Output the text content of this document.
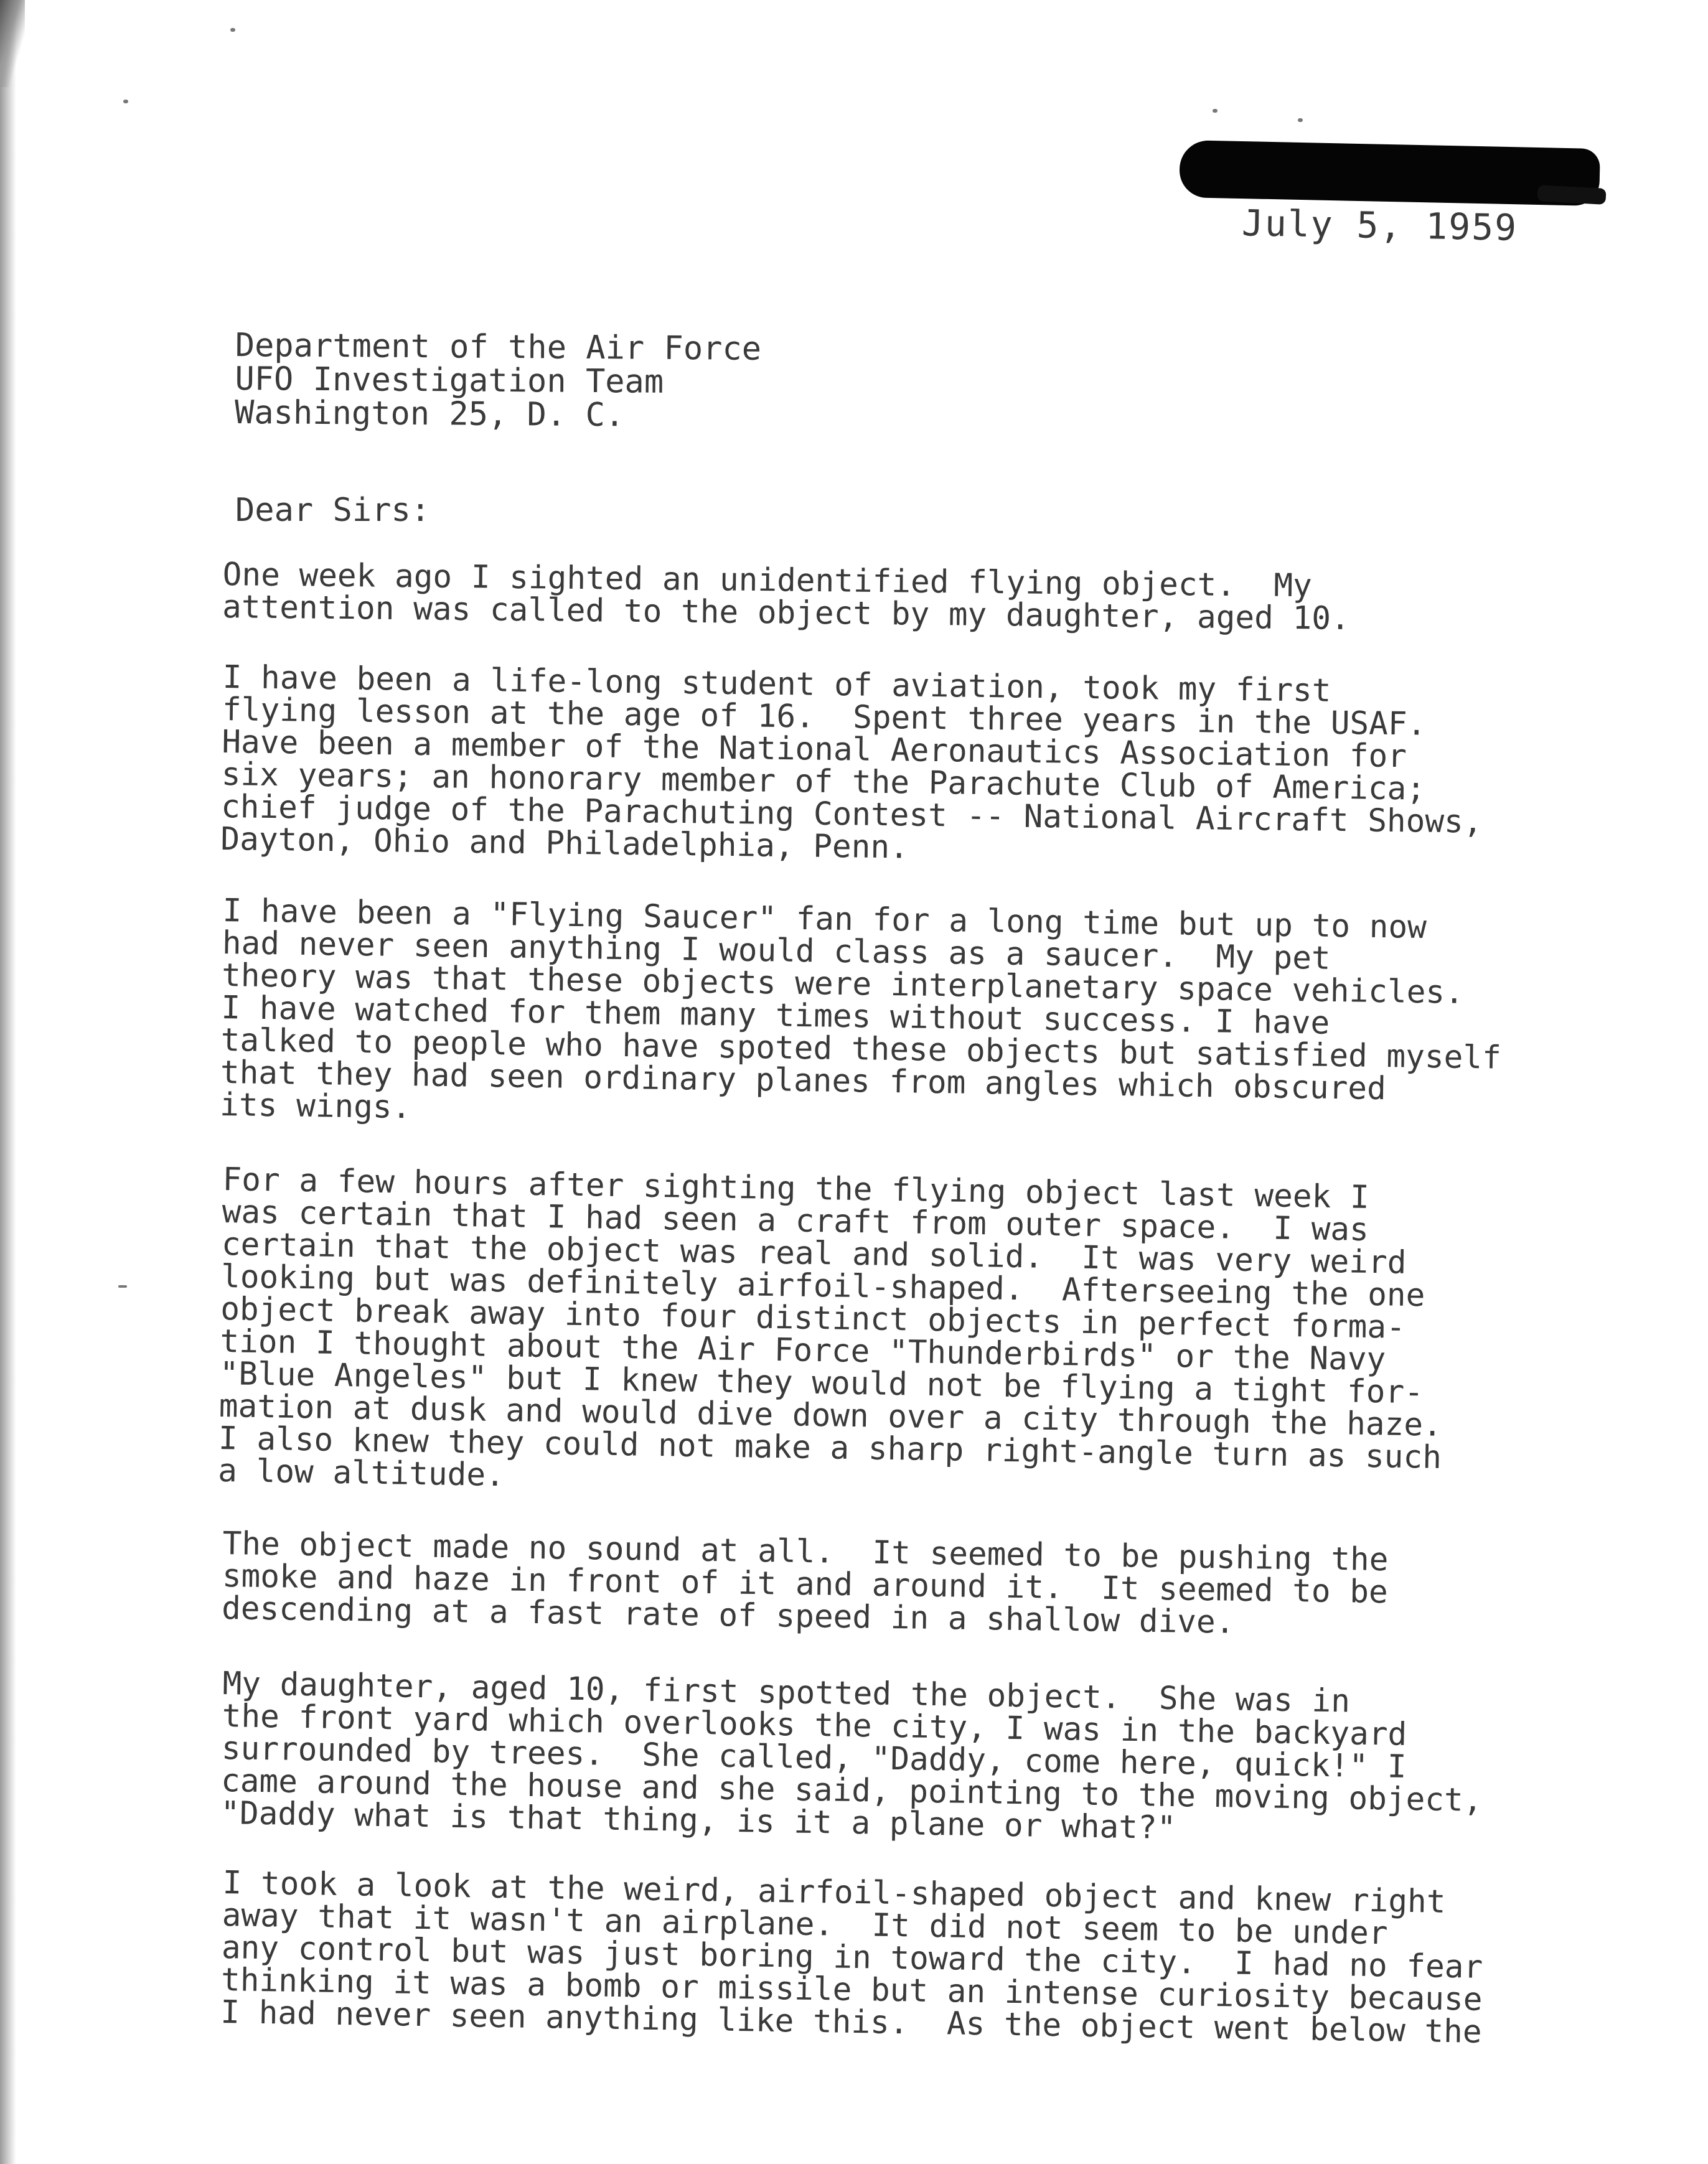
July 5, 1959
Department of the Air Force
UFO Investigation Team
Washington 25, D. C.
Dear Sirs:
One week ago I sighted an unidentified flying object.  My
attention was called to the object by my daughter, aged 10.
I have been a life-long student of aviation, took my first
flying lesson at the age of 16.  Spent three years in the USAF.
Have been a member of the National Aeronautics Association for
six years; an honorary member of the Parachute Club of America;
chief judge of the Parachuting Contest -- National Aircraft Shows,
Dayton, Ohio and Philadelphia, Penn.
I have been a "Flying Saucer" fan for a long time but up to now
had never seen anything I would class as a saucer.  My pet
theory was that these objects were interplanetary space vehicles.
I have watched for them many times without success. I have
talked to people who have spoted these objects but satisfied myself
that they had seen ordinary planes from angles which obscured
its wings.
For a few hours after sighting the flying object last week I
was certain that I had seen a craft from outer space.  I was
certain that the object was real and solid.  It was very weird
looking but was definitely airfoil-shaped.  Afterseeing the one
object break away into four distinct objects in perfect forma-
tion I thought about the Air Force "Thunderbirds" or the Navy
"Blue Angeles" but I knew they would not be flying a tight for-
mation at dusk and would dive down over a city through the haze.
I also knew they could not make a sharp right-angle turn as such
a low altitude.
The object made no sound at all.  It seemed to be pushing the
smoke and haze in front of it and around it.  It seemed to be
descending at a fast rate of speed in a shallow dive.
My daughter, aged 10, first spotted the object.  She was in
the front yard which overlooks the city, I was in the backyard
surrounded by trees.  She called, "Daddy, come here, quick!" I
came around the house and she said, pointing to the moving object,
"Daddy what is that thing, is it a plane or what?"
I took a look at the weird, airfoil-shaped object and knew right
away that it wasn't an airplane.  It did not seem to be under
any control but was just boring in toward the city.  I had no fear
thinking it was a bomb or missile but an intense curiosity because
I had never seen anything like this.  As the object went below the
